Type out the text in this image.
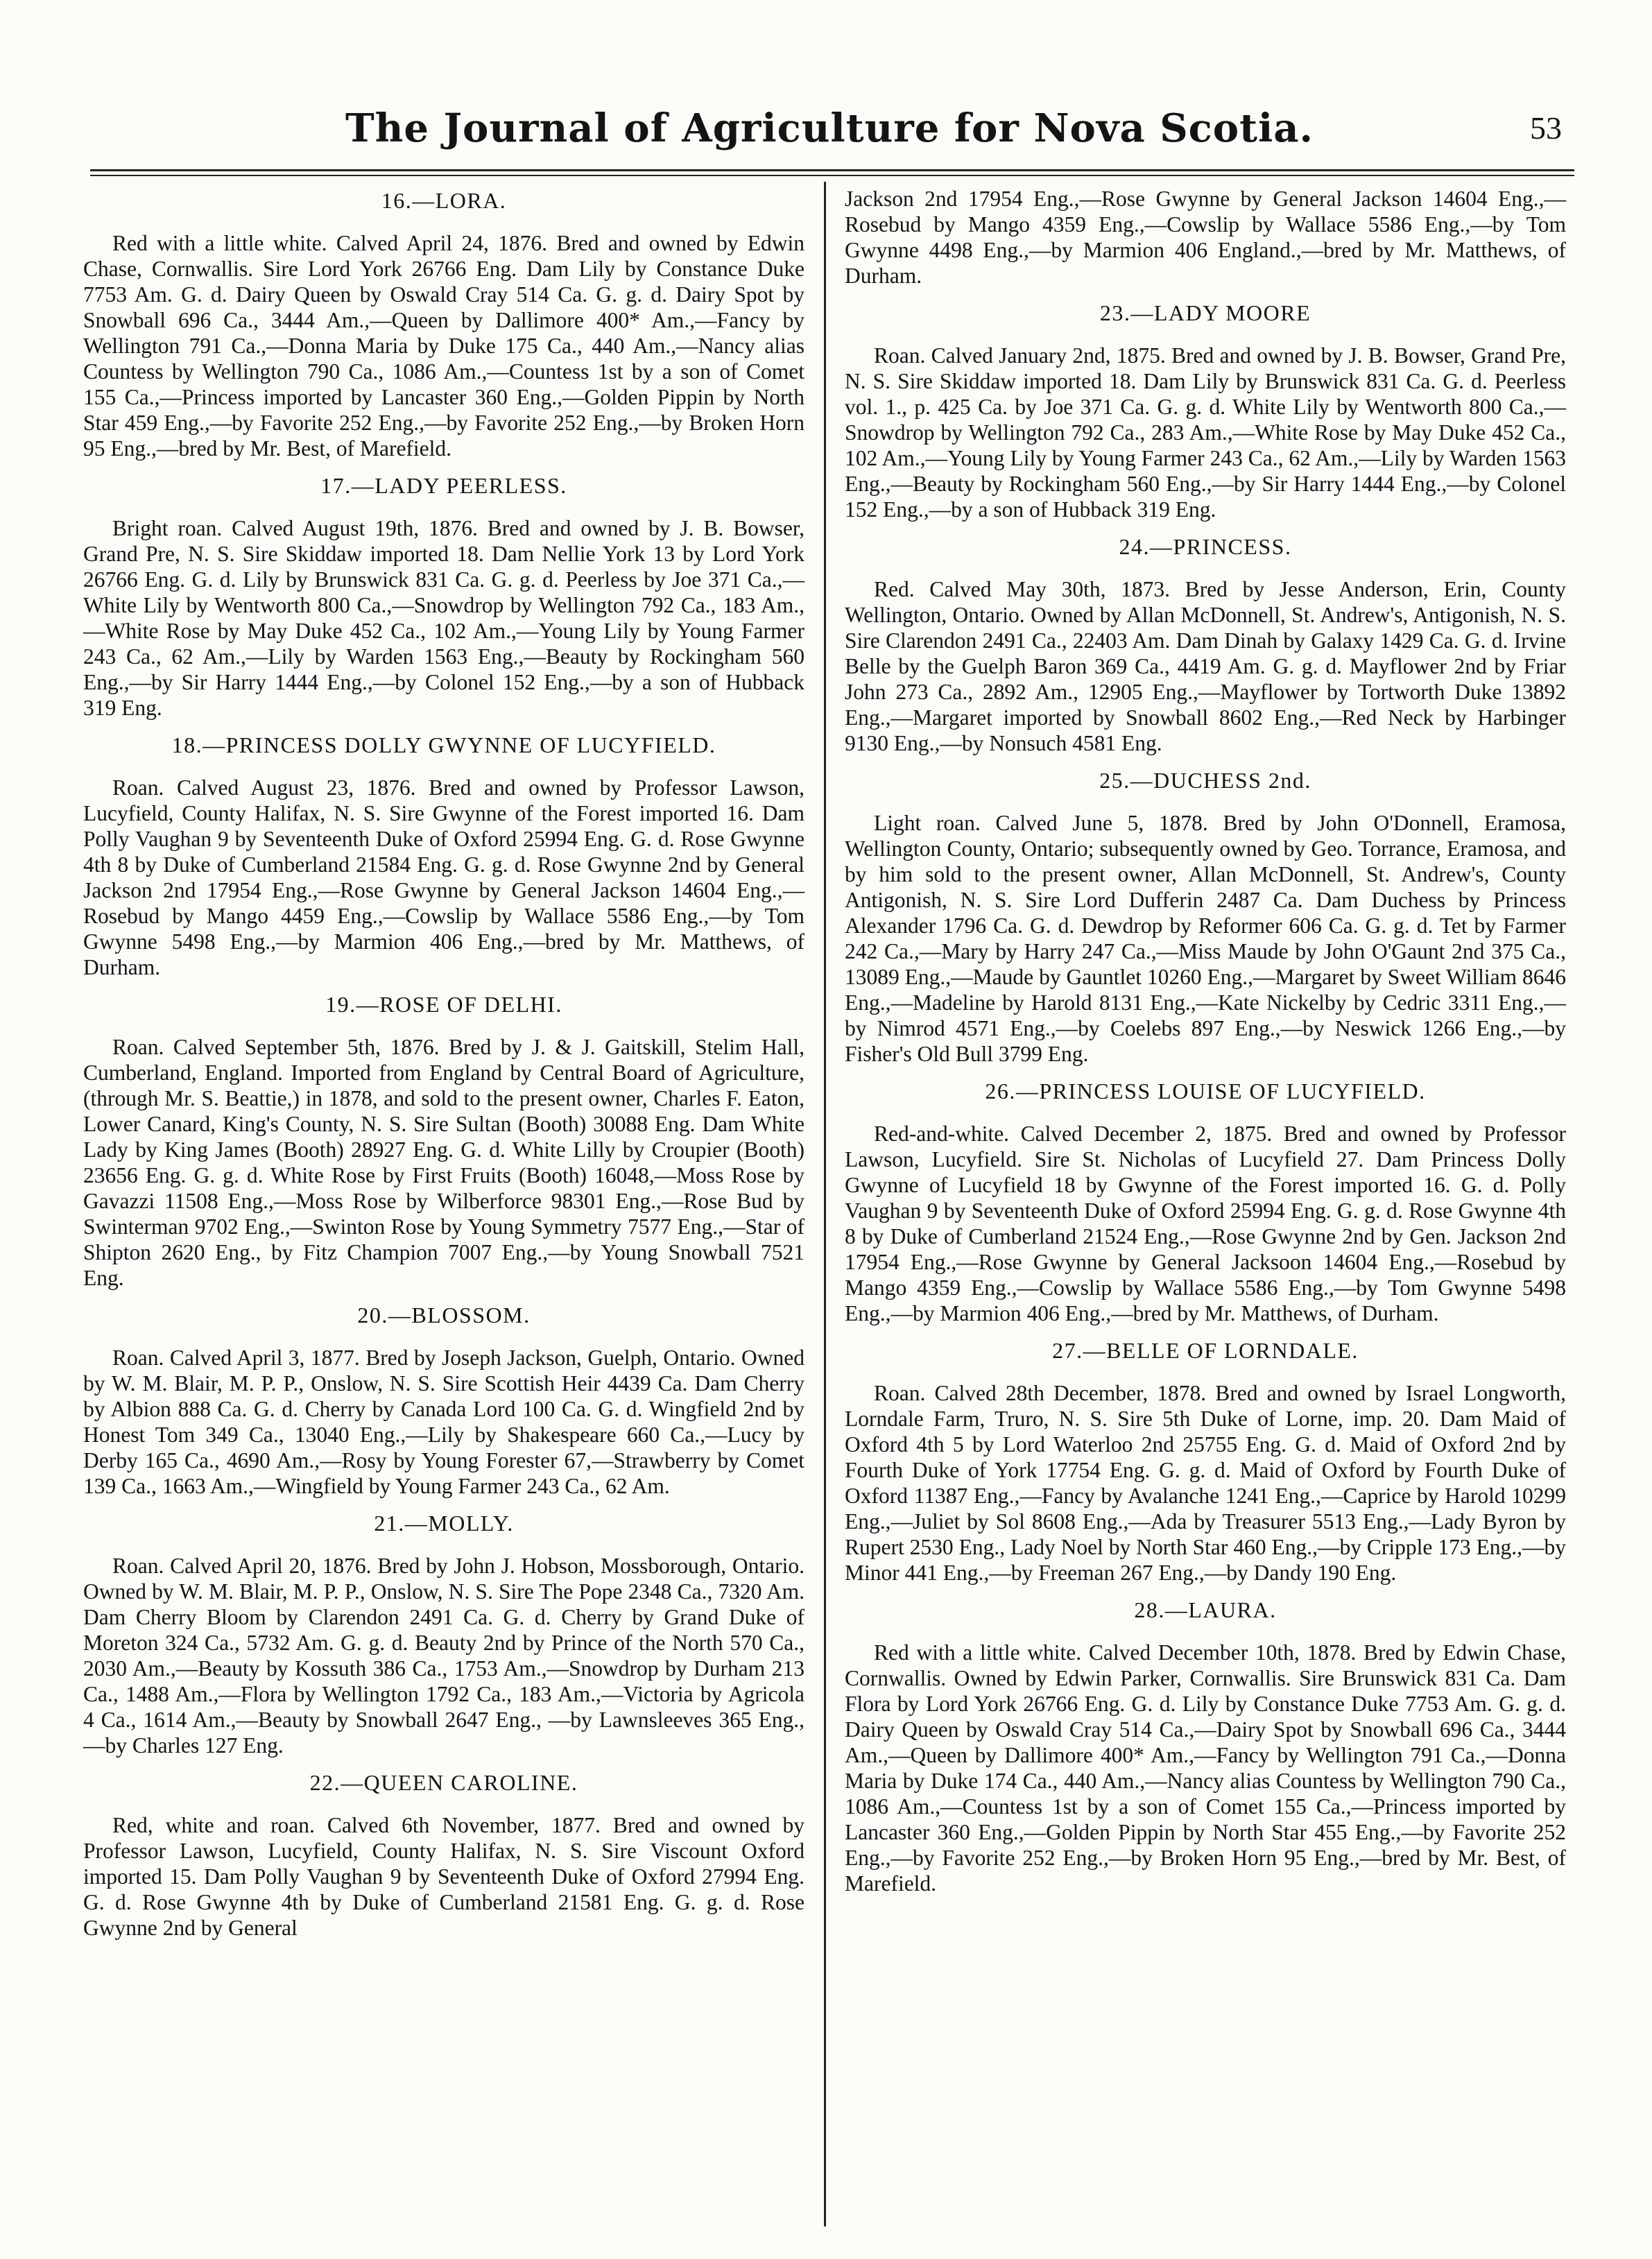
The Journal of Agriculture for Nova Scotia.	53
16.—LORA.

Red with a little white. Calved April 24, 1876. Bred and owned by Edwin Chase, Cornwallis. Sire Lord York 26766 Eng. Dam Lily by Constance Duke 7753 Am. G. d. Dairy Queen by Oswald Cray 514 Ca. G. g. d. Dairy Spot by Snowball 696 Ca., 3444 Am.,—Queen by Dallimore 400* Am.,—Fancy by Wellington 791 Ca.,—Donna Maria by Duke 175 Ca., 440 Am.,—Nancy alias Countess by Wellington 790 Ca., 1086 Am.,—Countess 1st by a son of Comet 155 Ca.,—Princess imported by Lancaster 360 Eng.,—Golden Pippin by North Star 459 Eng.,—by Favorite 252 Eng.,—by Favorite 252 Eng.,—by Broken Horn 95 Eng.,—bred by Mr. Best, of Marefield.

17.—LADY PEERLESS.

Bright roan. Calved August 19th, 1876. Bred and owned by J. B. Bowser, Grand Pre, N. S. Sire Skiddaw imported 18. Dam Nellie York 13 by Lord York 26766 Eng. G. d. Lily by Brunswick 831 Ca. G. g. d. Peerless by Joe 371 Ca.,—White Lily by Wentworth 800 Ca.,—Snowdrop by Wellington 792 Ca., 183 Am.,—White Rose by May Duke 452 Ca., 102 Am.,—Young Lily by Young Farmer 243 Ca., 62 Am.,—Lily by Warden 1563 Eng.,—Beauty by Rockingham 560 Eng.,—by Sir Harry 1444 Eng.,—by Colonel 152 Eng.,—by a son of Hubback 319 Eng.

18.—PRINCESS DOLLY GWYNNE OF LUCYFIELD.

Roan. Calved August 23, 1876. Bred and owned by Professor Lawson, Lucyfield, County Halifax, N. S. Sire Gwynne of the Forest imported 16. Dam Polly Vaughan 9 by Seventeenth Duke of Oxford 25994 Eng. G. d. Rose Gwynne 4th 8 by Duke of Cumberland 21584 Eng. G. g. d. Rose Gwynne 2nd by General Jackson 2nd 17954 Eng.,—Rose Gwynne by General Jackson 14604 Eng.,—Rosebud by Mango 4459 Eng.,—Cowslip by Wallace 5586 Eng.,—by Tom Gwynne 5498 Eng.,—by Marmion 406 Eng.,—bred by Mr. Matthews, of Durham.

19.—ROSE OF DELHI.

Roan. Calved September 5th, 1876. Bred by J. & J. Gaitskill, Stelim Hall, Cumberland, England. Imported from England by Central Board of Agriculture, (through Mr. S. Beattie,) in 1878, and sold to the present owner, Charles F. Eaton, Lower Canard, King's County, N. S. Sire Sultan (Booth) 30088 Eng. Dam White Lady by King James (Booth) 28927 Eng. G. d. White Lilly by Croupier (Booth) 23656 Eng. G. g. d. White Rose by First Fruits (Booth) 16048,—Moss Rose by Gavazzi 11508 Eng.,—Moss Rose by Wilberforce 98301 Eng.,—Rose Bud by Swinterman 9702 Eng.,—Swinton Rose by Young Symmetry 7577 Eng.,—Star of Shipton 2620 Eng., by Fitz Champion 7007 Eng.,—by Young Snowball 7521 Eng.

20.—BLOSSOM.

Roan. Calved April 3, 1877. Bred by Joseph Jackson, Guelph, Ontario. Owned by W. M. Blair, M. P. P., Onslow, N. S. Sire Scottish Heir 4439 Ca. Dam Cherry by Albion 888 Ca. G. d. Cherry by Canada Lord 100 Ca. G. d. Wingfield 2nd by Honest Tom 349 Ca., 13040 Eng.,—Lily by Shakespeare 660 Ca.,—Lucy by Derby 165 Ca., 4690 Am.,—Rosy by Young Forester 67,—Strawberry by Comet 139 Ca., 1663 Am.,—Wingfield by Young Farmer 243 Ca., 62 Am.

21.—MOLLY.

Roan. Calved April 20, 1876. Bred by John J. Hobson, Mossborough, Ontario. Owned by W. M. Blair, M. P. P., Onslow, N. S. Sire The Pope 2348 Ca., 7320 Am. Dam Cherry Bloom by Clarendon 2491 Ca. G. d. Cherry by Grand Duke of Moreton 324 Ca., 5732 Am. G. g. d. Beauty 2nd by Prince of the North 570 Ca., 2030 Am.,—Beauty by Kossuth 386 Ca., 1753 Am.,—Snowdrop by Durham 213 Ca., 1488 Am.,—Flora by Wellington 1792 Ca., 183 Am.,—Victoria by Agricola 4 Ca., 1614 Am.,—Beauty by Snowball 2647 Eng., —by Lawnsleeves 365 Eng.,—by Charles 127 Eng.

22.—QUEEN CAROLINE.

Red, white and roan. Calved 6th November, 1877. Bred and owned by Professor Lawson, Lucyfield, County Halifax, N. S. Sire Viscount Oxford imported 15. Dam Polly Vaughan 9 by Seventeenth Duke of Oxford 27994 Eng. G. d. Rose Gwynne 4th by Duke of Cumberland 21581 Eng. G. g. d. Rose Gwynne 2nd by General

Jackson 2nd 17954 Eng.,—Rose Gwynne by General Jackson 14604 Eng.,—Rosebud by Mango 4359 Eng.,—Cowslip by Wallace 5586 Eng.,—by Tom Gwynne 4498 Eng.,—by Marmion 406 England.,—bred by Mr. Matthews, of Durham.

23.—LADY MOORE

Roan. Calved January 2nd, 1875. Bred and owned by J. B. Bowser, Grand Pre, N. S. Sire Skiddaw imported 18. Dam Lily by Brunswick 831 Ca. G. d. Peerless vol. 1., p. 425 Ca. by Joe 371 Ca. G. g. d. White Lily by Wentworth 800 Ca.,—Snowdrop by Wellington 792 Ca., 283 Am.,—White Rose by May Duke 452 Ca., 102 Am.,—Young Lily by Young Farmer 243 Ca., 62 Am.,—Lily by Warden 1563 Eng.,—Beauty by Rockingham 560 Eng.,—by Sir Harry 1444 Eng.,—by Colonel 152 Eng.,—by a son of Hubback 319 Eng.

24.—PRINCESS.

Red. Calved May 30th, 1873. Bred by Jesse Anderson, Erin, County Wellington, Ontario. Owned by Allan McDonnell, St. Andrew's, Antigonish, N. S. Sire Clarendon 2491 Ca., 22403 Am. Dam Dinah by Galaxy 1429 Ca. G. d. Irvine Belle by the Guelph Baron 369 Ca., 4419 Am. G. g. d. Mayflower 2nd by Friar John 273 Ca., 2892 Am., 12905 Eng.,—Mayflower by Tortworth Duke 13892 Eng.,—Margaret imported by Snowball 8602 Eng.,—Red Neck by Harbinger 9130 Eng.,—by Nonsuch 4581 Eng.

25.—DUCHESS 2nd.

Light roan. Calved June 5, 1878. Bred by John O'Donnell, Eramosa, Wellington County, Ontario; subsequently owned by Geo. Torrance, Eramosa, and by him sold to the present owner, Allan McDonnell, St. Andrew's, County Antigonish, N. S. Sire Lord Dufferin 2487 Ca. Dam Duchess by Princess Alexander 1796 Ca. G. d. Dewdrop by Reformer 606 Ca. G. g. d. Tet by Farmer 242 Ca.,—Mary by Harry 247 Ca.,—Miss Maude by John O'Gaunt 2nd 375 Ca., 13089 Eng.,—Maude by Gauntlet 10260 Eng.,—Margaret by Sweet William 8646 Eng.,—Madeline by Harold 8131 Eng.,—Kate Nickelby by Cedric 3311 Eng.,—by Nimrod 4571 Eng.,—by Coelebs 897 Eng.,—by Neswick 1266 Eng.,—by Fisher's Old Bull 3799 Eng.

26.—PRINCESS LOUISE OF LUCYFIELD.

Red-and-white. Calved December 2, 1875. Bred and owned by Professor Lawson, Lucyfield. Sire St. Nicholas of Lucyfield 27. Dam Princess Dolly Gwynne of Lucyfield 18 by Gwynne of the Forest imported 16. G. d. Polly Vaughan 9 by Seventeenth Duke of Oxford 25994 Eng. G. g. d. Rose Gwynne 4th 8 by Duke of Cumberland 21524 Eng.,—Rose Gwynne 2nd by Gen. Jackson 2nd 17954 Eng.,—Rose Gwynne by General Jacksoon 14604 Eng.,—Rosebud by Mango 4359 Eng.,—Cowslip by Wallace 5586 Eng.,—by Tom Gwynne 5498 Eng.,—by Marmion 406 Eng.,—bred by Mr. Matthews, of Durham.

27.—BELLE OF LORNDALE.

Roan. Calved 28th December, 1878. Bred and owned by Israel Longworth, Lorndale Farm, Truro, N. S. Sire 5th Duke of Lorne, imp. 20. Dam Maid of Oxford 4th 5 by Lord Waterloo 2nd 25755 Eng. G. d. Maid of Oxford 2nd by Fourth Duke of York 17754 Eng. G. g. d. Maid of Oxford by Fourth Duke of Oxford 11387 Eng.,—Fancy by Avalanche 1241 Eng.,—Caprice by Harold 10299 Eng.,—Juliet by Sol 8608 Eng.,—Ada by Treasurer 5513 Eng.,—Lady Byron by Rupert 2530 Eng., Lady Noel by North Star 460 Eng.,—by Cripple 173 Eng.,—by Minor 441 Eng.,—by Freeman 267 Eng.,—by Dandy 190 Eng.

28.—LAURA.

Red with a little white. Calved December 10th, 1878. Bred by Edwin Chase, Cornwallis. Owned by Edwin Parker, Cornwallis. Sire Brunswick 831 Ca. Dam Flora by Lord York 26766 Eng. G. d. Lily by Constance Duke 7753 Am. G. g. d. Dairy Queen by Oswald Cray 514 Ca.,—Dairy Spot by Snowball 696 Ca., 3444 Am.,—Queen by Dallimore 400* Am.,—Fancy by Wellington 791 Ca.,—Donna Maria by Duke 174 Ca., 440 Am.,—Nancy alias Countess by Wellington 790 Ca., 1086 Am.,—Countess 1st by a son of Comet 155 Ca.,—Princess imported by Lancaster 360 Eng.,—Golden Pippin by North Star 455 Eng.,—by Favorite 252 Eng.,—by Favorite 252 Eng.,—by Broken Horn 95 Eng.,—bred by Mr. Best, of Marefield.
